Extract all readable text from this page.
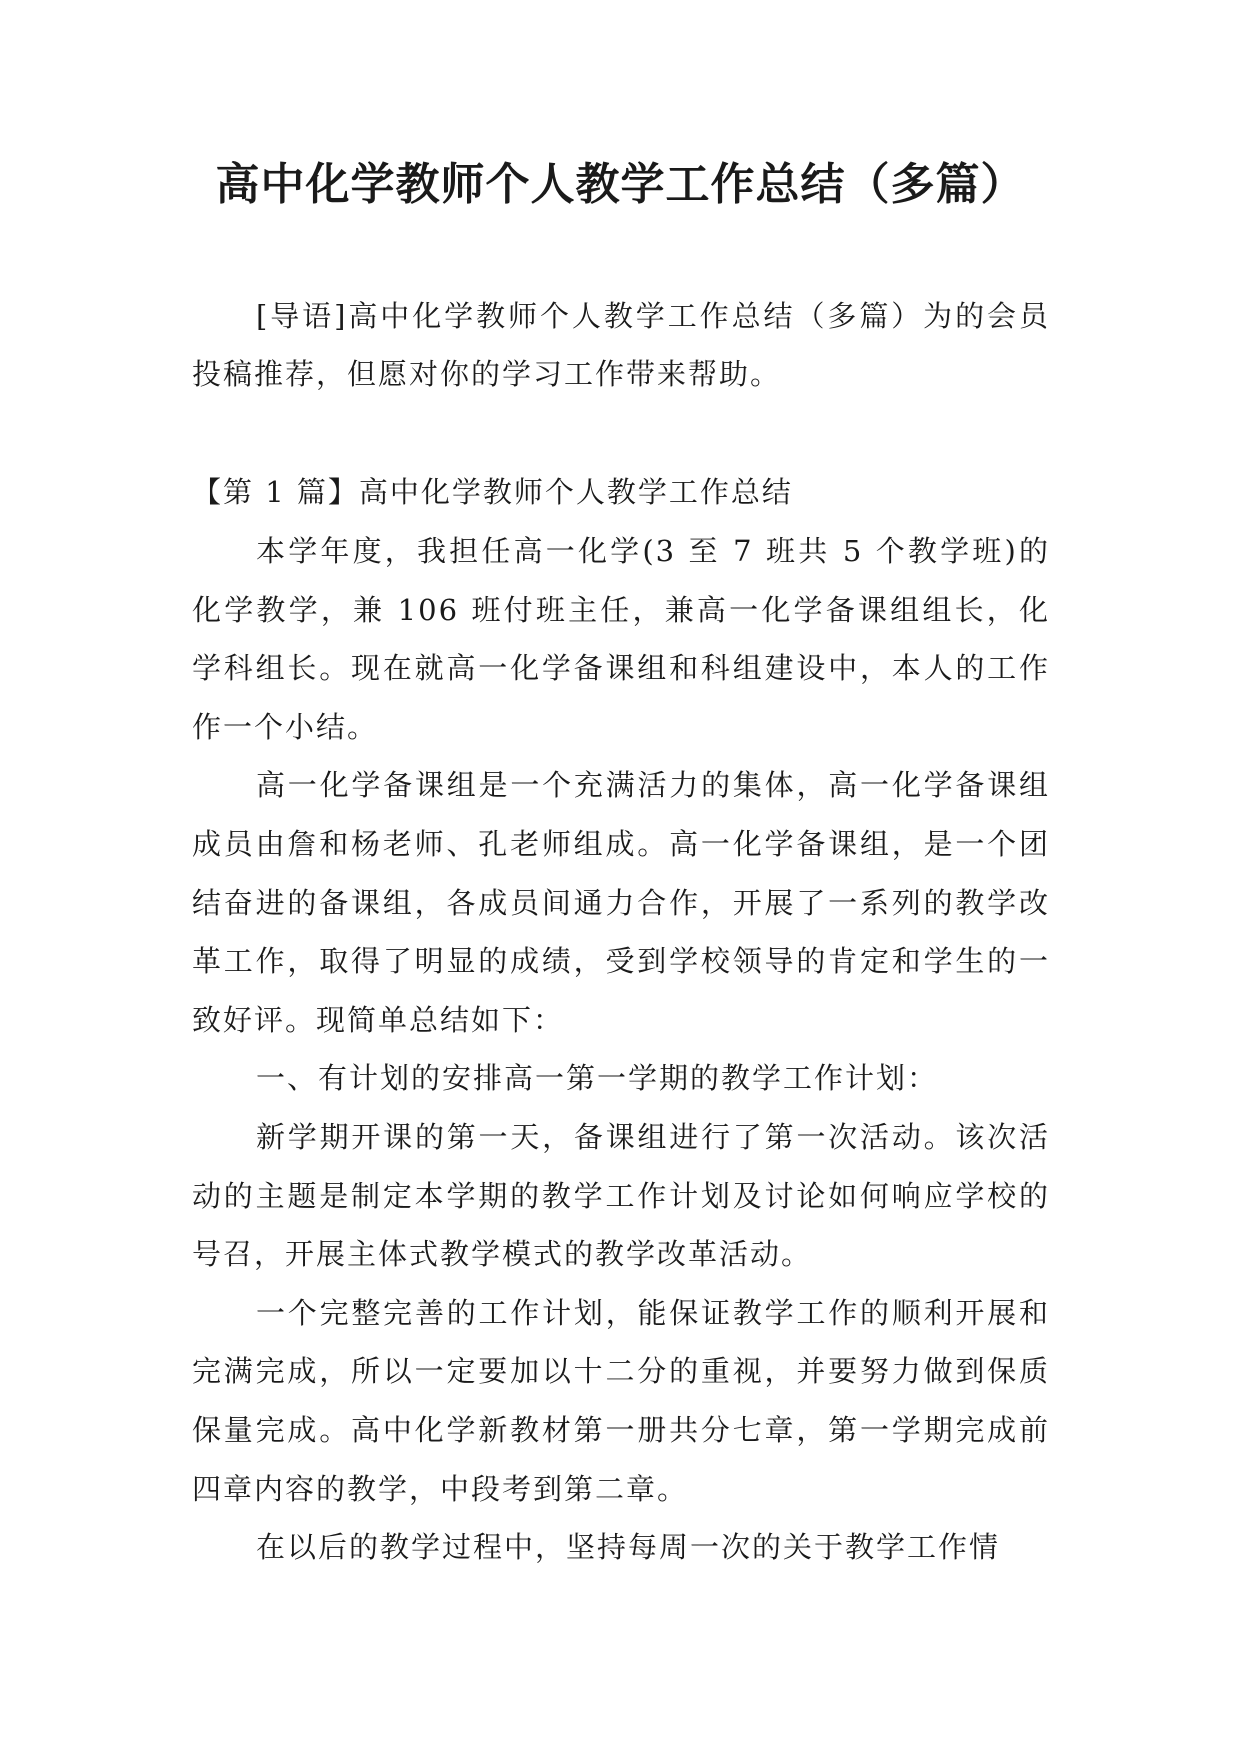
高中化学教师个人教学工作总结（多篇）

[导语]高中化学教师个人教学工作总结（多篇）为的会员投稿推荐，但愿对你的学习工作带来帮助。

【第 1 篇】高中化学教师个人教学工作总结

本学年度，我担任高一化学(3 至 7 班共 5 个教学班)的化学教学，兼 106 班付班主任，兼高一化学备课组组长，化学科组长。现在就高一化学备课组和科组建设中，本人的工作作一个小结。

高一化学备课组是一个充满活力的集体，高一化学备课组成员由詹和杨老师、孔老师组成。高一化学备课组，是一个团结奋进的备课组，各成员间通力合作，开展了一系列的教学改革工作，取得了明显的成绩，受到学校领导的肯定和学生的一致好评。现简单总结如下：

一、有计划的安排高一第一学期的教学工作计划：

新学期开课的第一天，备课组进行了第一次活动。该次活动的主题是制定本学期的教学工作计划及讨论如何响应学校的号召，开展主体式教学模式的教学改革活动。

一个完整完善的工作计划，能保证教学工作的顺利开展和完满完成，所以一定要加以十二分的重视，并要努力做到保质保量完成。高中化学新教材第一册共分七章，第一学期完成前四章内容的教学，中段考到第二章。

在以后的教学过程中，坚持每周一次的关于教学工作情
